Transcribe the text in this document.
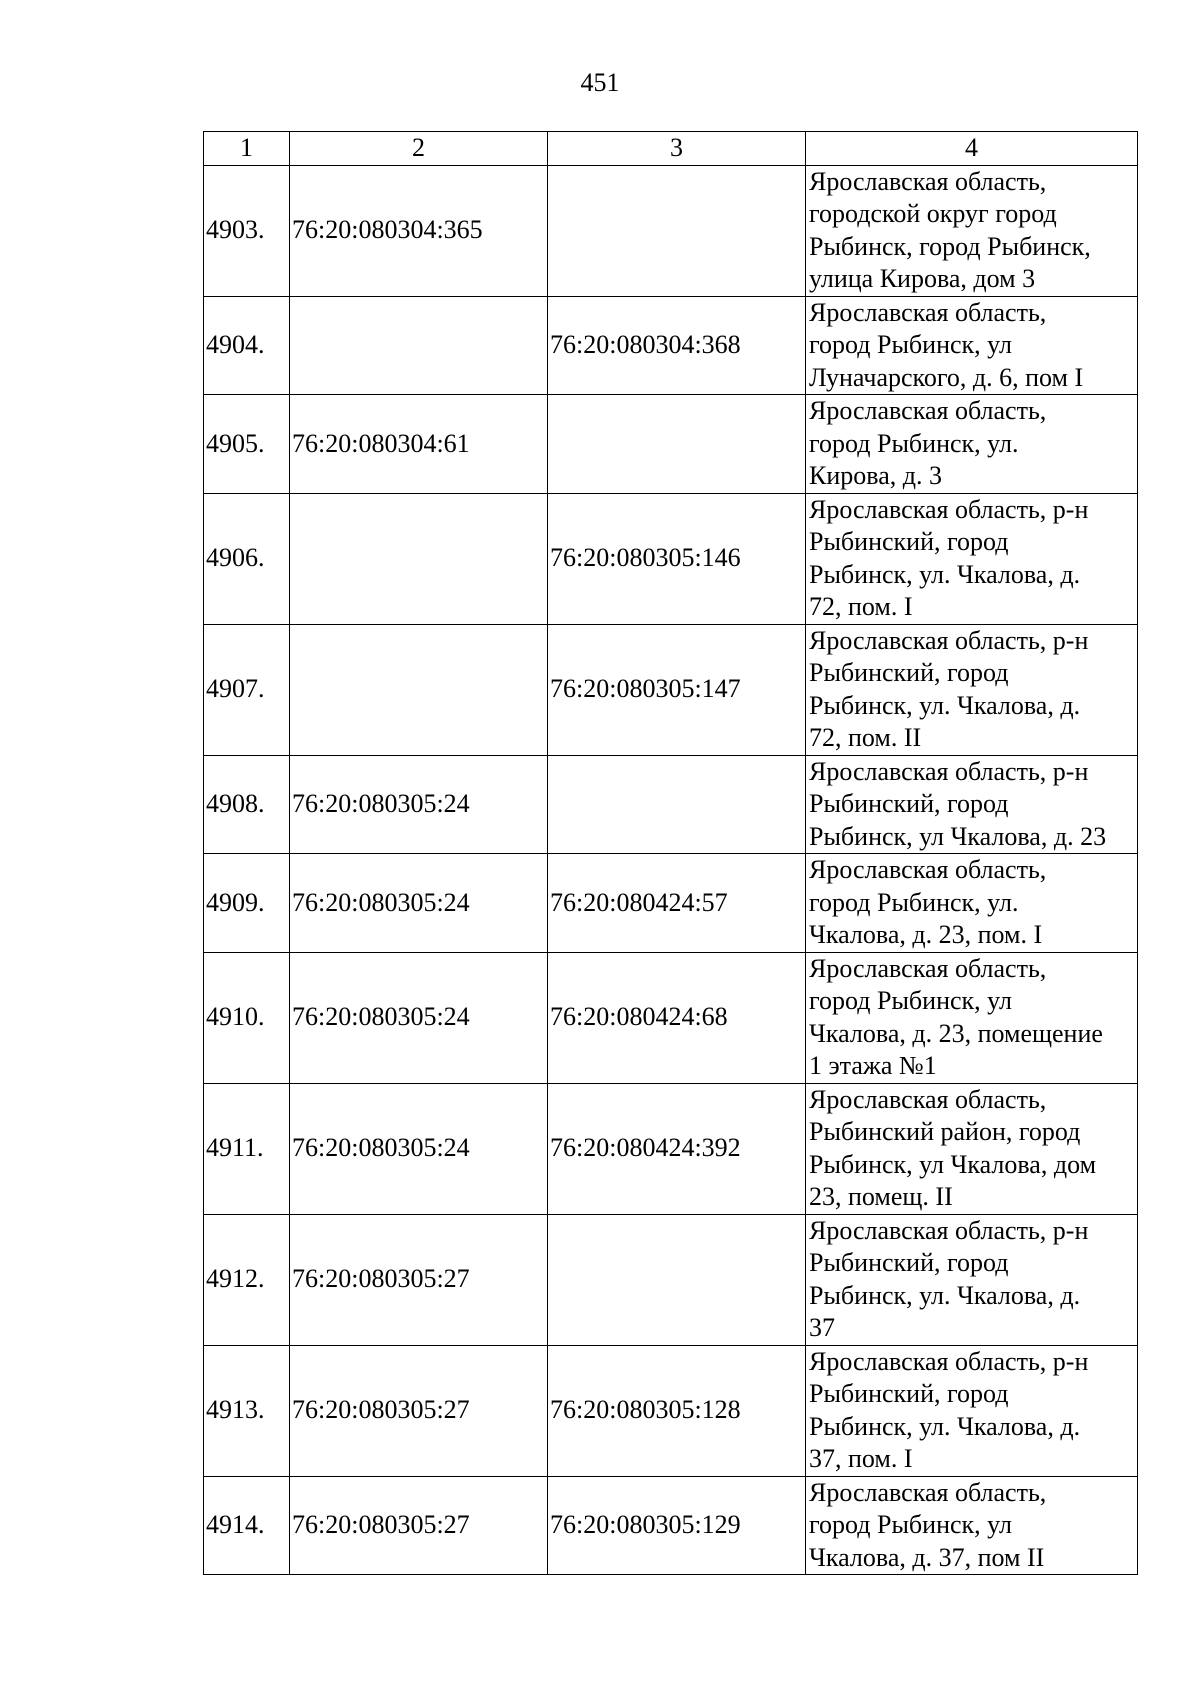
451
1	2	3	4
4903.	76:20:080304:365		Ярославская область,
городской округ город
Рыбинск, город Рыбинск,
улица Кирова, дом 3

4904.		76:20:080304:368	Ярославская область,
город Рыбинск, ул
Луначарского, д. 6, пом I

4905.	76:20:080304:61		Ярославская область,
город Рыбинск, ул.
Кирова, д. 3

4906.		76:20:080305:146	Ярославская область, р-н
Рыбинский, город
Рыбинск, ул. Чкалова, д.
72, пом. I

4907.		76:20:080305:147	Ярославская область, р-н
Рыбинский, город
Рыбинск, ул. Чкалова, д.
72, пом. II

4908.	76:20:080305:24		Ярославская область, р-н
Рыбинский, город
Рыбинск, ул Чкалова, д. 23

4909.	76:20:080305:24	76:20:080424:57	Ярославская область,
город Рыбинск, ул.
Чкалова, д. 23, пом. I

4910.	76:20:080305:24	76:20:080424:68	Ярославская область,
город Рыбинск, ул
Чкалова, д. 23, помещение
1 этажа №1

4911.	76:20:080305:24	76:20:080424:392	Ярославская область,
Рыбинский район, город
Рыбинск, ул Чкалова, дом
23, помещ. II

4912.	76:20:080305:27		Ярославская область, р-н
Рыбинский, город
Рыбинск, ул. Чкалова, д.
37

4913.	76:20:080305:27	76:20:080305:128	Ярославская область, р-н
Рыбинский, город
Рыбинск, ул. Чкалова, д.
37, пом. I

4914.	76:20:080305:27	76:20:080305:129	Ярославская область,
город Рыбинск, ул
Чкалова, д. 37, пом II
